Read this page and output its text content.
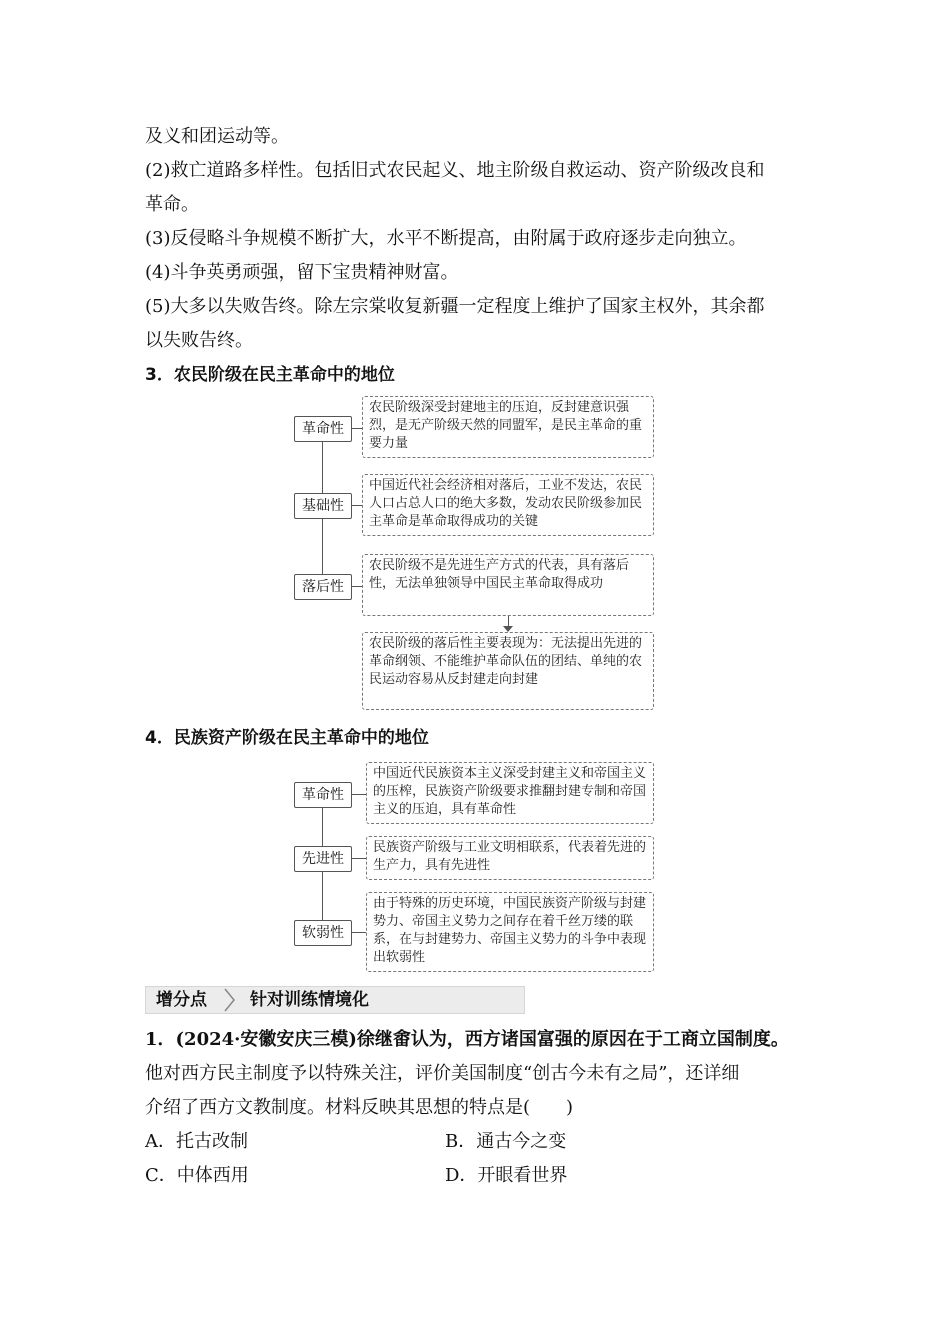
及义和团运动等。
(2)救亡道路多样性。包括旧式农民起义、地主阶级自救运动、资产阶级改良和
革命。
(3)反侵略斗争规模不断扩大，水平不断提高，由附属于政府逐步走向独立。
(4)斗争英勇顽强，留下宝贵精神财富。
(5)大多以失败告终。除左宗棠收复新疆一定程度上维护了国家主权外，其余都
以失败告终。
3．农民阶级在民主革命中的地位
革命性
农民阶级深受封建地主的压迫，反封建意识强烈，是无产阶级天然的同盟军，是民主革命的重要力量
基础性
中国近代社会经济相对落后，工业不发达，农民人口占总人口的绝大多数，发动农民阶级参加民主革命是革命取得成功的关键
落后性
农民阶级不是先进生产方式的代表，具有落后性，无法单独领导中国民主革命取得成功
农民阶级的落后性主要表现为：无法提出先进的革命纲领、不能维护革命队伍的团结、单纯的农民运动容易从反封建走向封建
4．民族资产阶级在民主革命中的地位
革命性
中国近代民族资本主义深受封建主义和帝国主义的压榨，民族资产阶级要求推翻封建专制和帝国主义的压迫，具有革命性
先进性
民族资产阶级与工业文明相联系，代表着先进的生产力，具有先进性
软弱性
由于特殊的历史环境，中国民族资产阶级与封建势力、帝国主义势力之间存在着千丝万缕的联系，在与封建势力、帝国主义势力的斗争中表现出软弱性
增分点	针对训练情境化
1．(2024·安徽安庆三模)徐继畬认为，西方诸国富强的原因在于工商立国制度。
他对西方民主制度予以特殊关注，评价美国制度“创古今未有之局”，还详细
介绍了西方文教制度。材料反映其思想的特点是(　　)
A．托古改制	B．通古今之变
C．中体西用	D．开眼看世界
